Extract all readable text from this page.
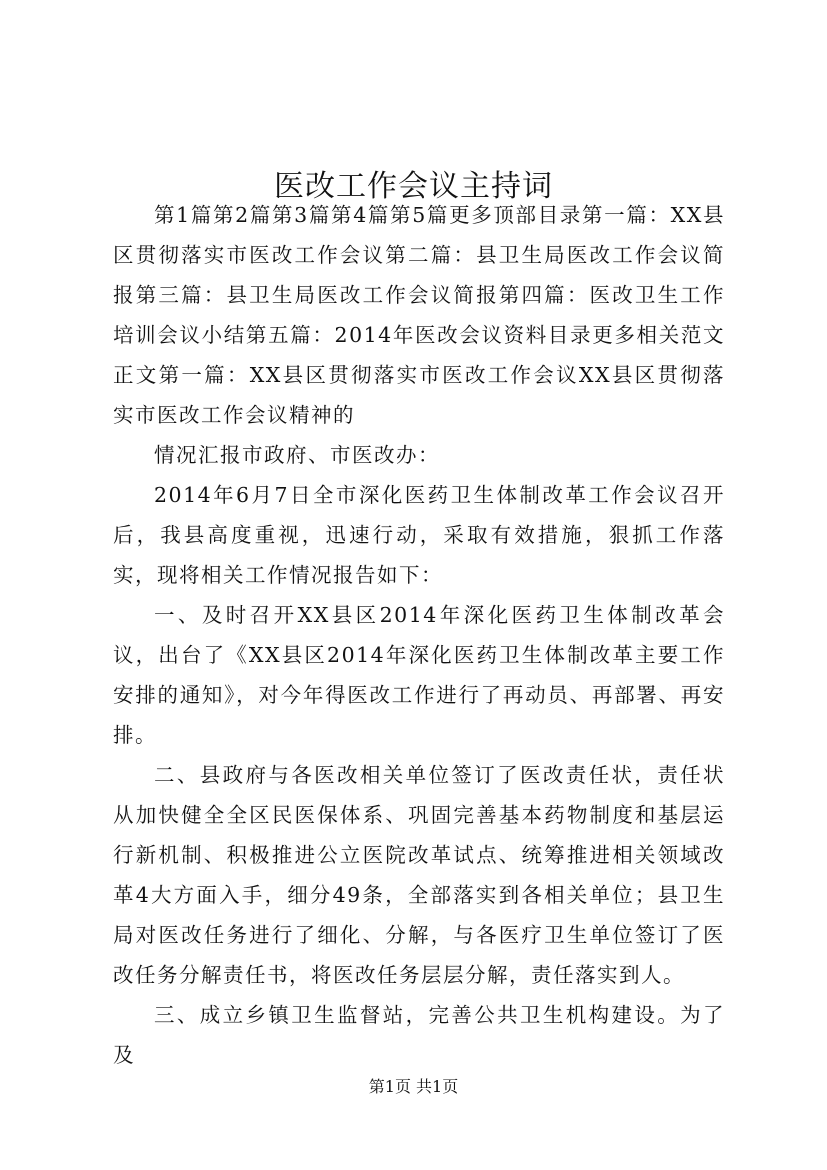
医改工作会议主持词

第1篇第2篇第3篇第4篇第5篇更多顶部目录第一篇：XX县区贯彻落实市医改工作会议第二篇：县卫生局医改工作会议简报第三篇：县卫生局医改工作会议简报第四篇：医改卫生工作培训会议小结第五篇：2014年医改会议资料目录更多相关范文正文第一篇：XX县区贯彻落实市医改工作会议XX县区贯彻落实市医改工作会议精神的

情况汇报市政府、市医改办：

2014年6月7日全市深化医药卫生体制改革工作会议召开后，我县高度重视，迅速行动，采取有效措施，狠抓工作落实，现将相关工作情况报告如下：

一、及时召开XX县区2014年深化医药卫生体制改革会议，出台了《XX县区2014年深化医药卫生体制改革主要工作安排的通知》，对今年得医改工作进行了再动员、再部署、再安排。

二、县政府与各医改相关单位签订了医改责任状，责任状从加快健全全区民医保体系、巩固完善基本药物制度和基层运行新机制、积极推进公立医院改革试点、统筹推进相关领域改革4大方面入手，细分49条，全部落实到各相关单位；县卫生局对医改任务进行了细化、分解，与各医疗卫生单位签订了医改任务分解责任书，将医改任务层层分解，责任落实到人。

三、成立乡镇卫生监督站，完善公共卫生机构建设。为了及

第1页 共1页
